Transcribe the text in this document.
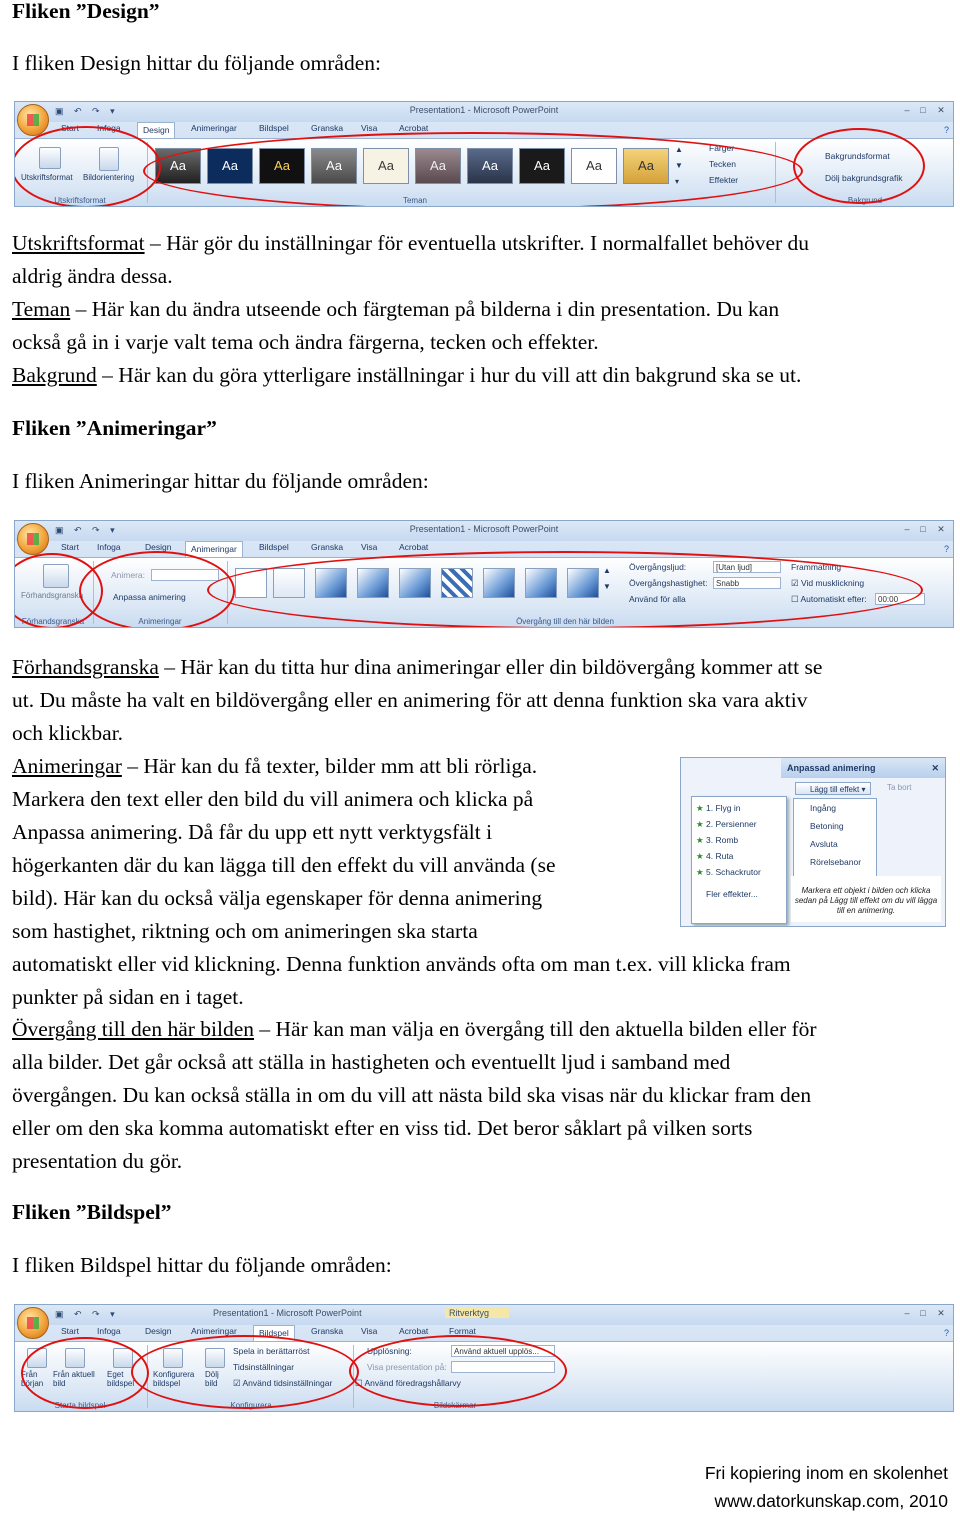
Fliken ”Design”
I fliken Design hittar du följande områden:
Presentation1 - Microsoft PowerPoint	–	□	✕
▣ ↶ ↷ ▾
Start Infoga	Design	Animeringar	Bildspel	Granska Visa	Acrobat	?
Utskriftsformat Bildorientering
Utskriftsformat
Aa	Aa	Aa	Aa	Aa	Aa	Aa	Aa	Aa	Aa
▲
▼
▾
Teman
Färger
Tecken
Effekter
Bakgrundsformat
Dölj bakgrundsgrafik
Bakgrund
Utskriftsformat – Här gör du inställningar för eventuella utskrifter. I normalfallet behöver du
aldrig ändra dessa.
Teman – Här kan du ändra utseende och färgteman på bilderna i din presentation. Du kan
också gå in i varje valt tema och ändra färgerna, tecken och effekter.
Bakgrund – Här kan du göra ytterligare inställningar i hur du vill att din bakgrund ska se ut.
Fliken ”Animeringar”
I fliken Animeringar hittar du följande områden:
Presentation1 - Microsoft PowerPoint	–	□	✕
▣ ↶ ↷ ▾
Start Infoga	Design	Animeringar	Bildspel	Granska Visa	Acrobat	?
Förhandsgranska
Förhandsgranska
Animera:
Anpassa animering
Animeringar
▲
▼
Övergångsljud:	[Utan ljud]
Övergångshastighet:	Snabb
Använd för alla
Frammatning
☑ Vid musklickning
☐ Automatiskt efter:	00:00
Övergång till den här bilden
Förhandsgranska – Här kan du titta hur dina animeringar eller din bildövergång kommer att se
ut. Du måste ha valt en bildövergång eller en animering för att denna funktion ska vara aktiv
och klickbar.
Animeringar – Här kan du få texter, bilder mm att bli rörliga.
Markera den text eller den bild du vill animera och klicka på
Anpassa animering. Då får du upp ett nytt verktygsfält i
högerkanten där du kan lägga till den effekt du vill använda (se
bild). Här kan du också välja egenskaper för denna animering
som hastighet, riktning och om animeringen ska starta
automatiskt eller vid klickning. Denna funktion används ofta om man t.ex. vill klicka fram
punkter på sidan en i taget.
Övergång till den här bilden – Här kan man välja en övergång till den aktuella bilden eller för
alla bilder. Det går också att ställa in hastigheten och eventuellt ljud i samband med
övergången. Du kan också ställa in om du vill att nästa bild ska visas när du klickar fram den
eller om den ska komma automatiskt efter en viss tid. Det beror såklart på vilken sorts
presentation du gör.
Anpassad animering	✕
Lägg till effekt ▾	Ta bort
★ 1. Flyg in
★ 2. Persienner
★ 3. Romb
★ 4. Ruta
★ 5. Schackrutor
Fler effekter...
Ingång
Betoning
Avsluta
Rörelsebanor
Markera ett objekt i bilden och klicka sedan på Lägg till effekt om du vill lägga till en animering.
Fliken ”Bildspel”
I fliken Bildspel hittar du följande områden:
Presentation1 - Microsoft PowerPoint	Ritverktyg	–	□	✕
▣ ↶ ↷ ▾
Start Infoga	Design Animeringar	Bildspel	Granska Visa	Acrobat Format	?
Från början
Från aktuell bild
Eget bildspel
Starta bildspel
Konfigurera bildspel
Dölj bild
Spela in berättarröst
Tidsinställningar
☑ Använd tidsinställningar
Konfigurera
Upplösning:	Använd aktuell upplös...
Visa presentation på:
☐ Använd föredragshållarvy
Bildskärmar
Fri kopiering inom en skolenhet
www.datorkunskap.com, 2010
